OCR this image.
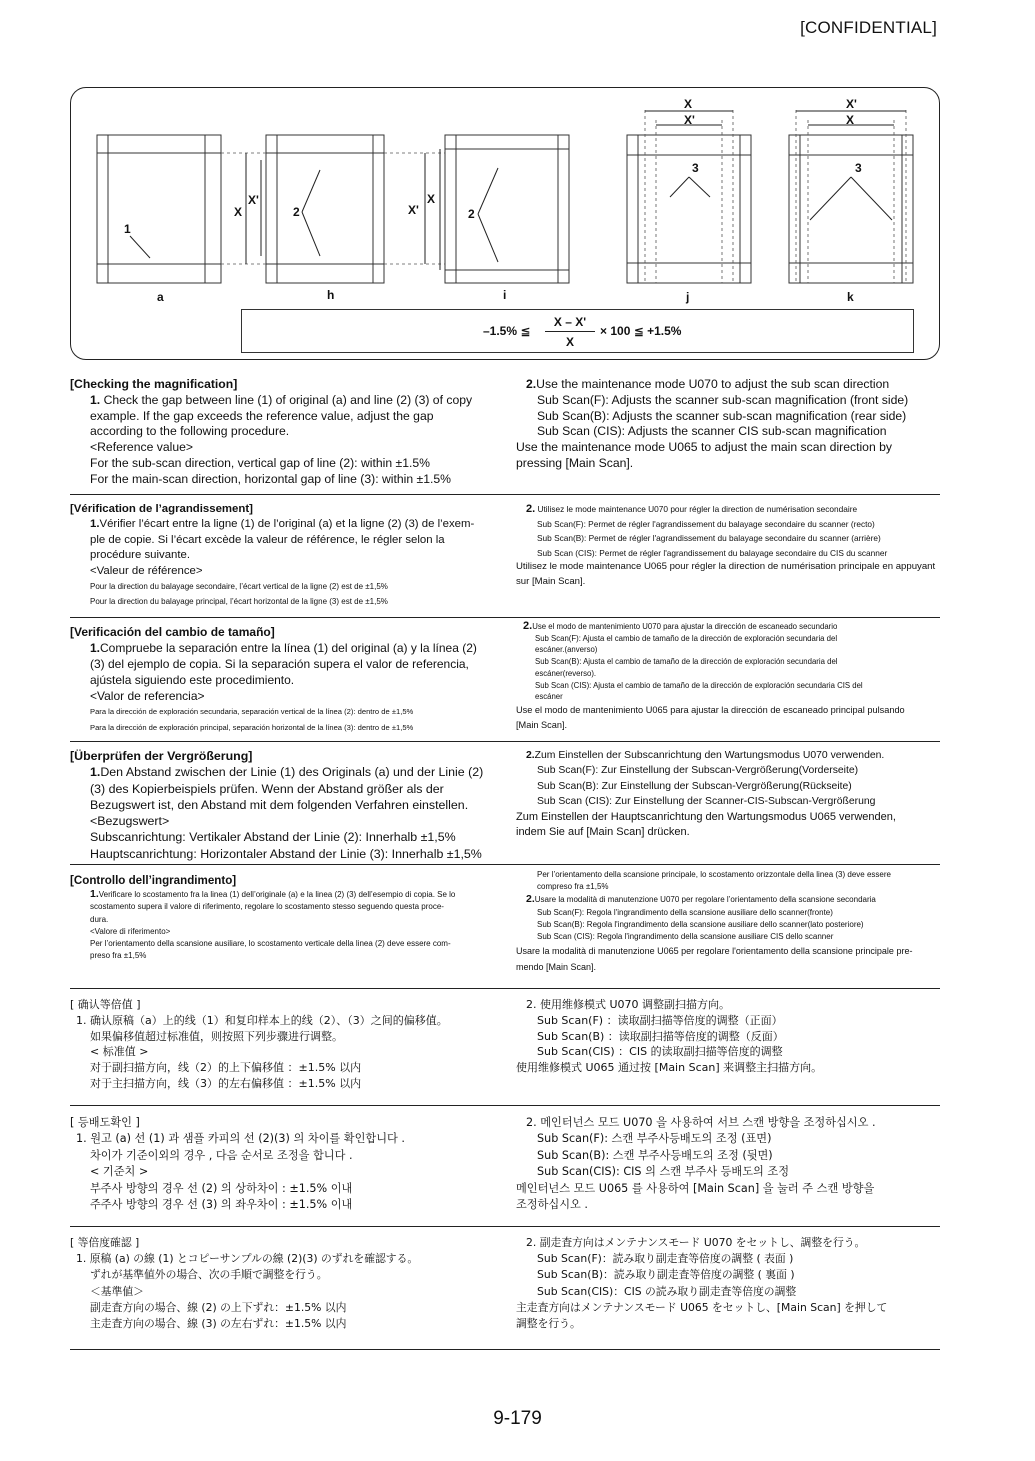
[CONFIDENTIAL]
a	h	i	j	k
1
2	2
3	3
X
X'
X'
X
X
X'
X'
X
–1.5% ≦
X – X'
X
× 100 ≦ +1.5%
[Checking the magnification]
1. Check the gap between line (1) of original (a) and line (2) (3) of copy
example. If the gap exceeds the reference value, adjust the gap
according to the following procedure.
<Reference value>
For the sub-scan direction, vertical gap of line (2): within ±1.5%
For the main-scan direction, horizontal gap of line (3): within ±1.5%
2.Use the maintenance mode U070 to adjust the sub scan direction
Sub Scan(F): Adjusts the scanner sub-scan magnification (front side)
Sub Scan(B): Adjusts the scanner sub-scan magnification (rear side)
Sub Scan (CIS): Adjusts the scanner CIS sub-scan magnification
Use the maintenance mode U065 to adjust the main scan direction by
pressing [Main Scan].
[Vérification de l’agrandissement]
1.Vérifier l’écart entre la ligne (1) de l’original (a) et la ligne (2) (3) de l’exem-
ple de copie. Si l’écart excède la valeur de référence, le régler selon la
procédure suivante.
<Valeur de référence>
Pour la direction du balayage secondaire, l’écart vertical de la ligne (2) est de ±1,5%
Pour la direction du balayage principal, l’écart horizontal de la ligne (3) est de ±1,5%
2. Utilisez le mode maintenance U070 pour régler la direction de numérisation secondaire
Sub Scan(F): Permet de régler l'agrandissement du balayage secondaire du scanner (recto)
Sub Scan(B): Permet de régler l'agrandissement du balayage secondaire du scanner (arrière)
Sub Scan (CIS): Permet de régler l'agrandissement du balayage secondaire du CIS du scanner
Utilisez le mode maintenance U065 pour régler la direction de numérisation principale en appuyant
sur [Main Scan].
[Verificación del cambio de tamaño]
1.Compruebe la separación entre la línea (1) del original (a) y la línea (2)
(3) del ejemplo de copia. Si la separación supera el valor de referencia,
ajústela siguiendo este procedimiento.
<Valor de referencia>
Para la dirección de exploración secundaria, separación vertical de la línea (2): dentro de ±1,5%
Para la dirección de exploración principal, separación horizontal de la línea (3): dentro de ±1,5%
2.Use el modo de mantenimiento U070 para ajustar la dirección de escaneado secundario
Sub Scan(F): Ajusta el cambio de tamaño de la dirección de exploración secundaria del
escáner.(anverso)
Sub Scan(B): Ajusta el cambio de tamaño de la dirección de exploración secundaria del
escáner(reverso).
Sub Scan (CIS): Ajusta el cambio de tamaño de la dirección de exploración secundaria CIS del
escáner
Use el modo de mantenimiento U065 para ajustar la dirección de escaneado principal pulsando
[Main Scan].
[Überprüfen der Vergrößerung]
1.Den Abstand zwischen der Linie (1) des Originals (a) und der Linie (2)
(3) des Kopierbeispiels prüfen. Wenn der Abstand größer als der
Bezugswert ist, den Abstand mit dem folgenden Verfahren einstellen.
<Bezugswert>
Subscanrichtung: Vertikaler Abstand der Linie (2): Innerhalb ±1,5%
Hauptscanrichtung: Horizontaler Abstand der Linie (3): Innerhalb ±1,5%
2.Zum Einstellen der Subscanrichtung den Wartungsmodus U070 verwenden.
Sub Scan(F): Zur Einstellung der Subscan-Vergrößerung(Vorderseite)
Sub Scan(B): Zur Einstellung der Subscan-Vergrößerung(Rückseite)
Sub Scan (CIS): Zur Einstellung der Scanner-CIS-Subscan-Vergrößerung
Zum Einstellen der Hauptscanrichtung den Wartungsmodus U065 verwenden,
indem Sie auf [Main Scan] drücken.
[Controllo dell’ingrandimento]
1.Verificare lo scostamento fra la linea (1) dell’originale (a) e la linea (2) (3) dell’esempio di copia. Se lo
scostamento supera il valore di riferimento, regolare lo scostamento stesso seguendo questa proce-
dura.
<Valore di riferimento>
Per l’orientamento della scansione ausiliare, lo scostamento verticale della linea (2) deve essere com-
preso fra ±1,5%
Per l’orientamento della scansione principale, lo scostamento orizzontale della linea (3) deve essere
compreso fra ±1,5%
2.Usare la modalità di manutenzione U070 per regolare l’orientamento della scansione secondaria
Sub Scan(F): Regola l'ingrandimento della scansione ausiliare dello scanner(fronte)
Sub Scan(B): Regola l'ingrandimento della scansione ausiliare dello scanner(lato posteriore)
Sub Scan (CIS): Regola l'ingrandimento della scansione ausiliare CIS dello scanner
Usare la modalità di manutenzione U065 per regolare l'orientamento della scansione principale pre-
mendo [Main Scan].
[ 确认等倍值 ]
1. 确认原稿（a）上的线（1）和复印样本上的线（2）、（3）之间的偏移值。
如果偏移值超过标准值，则按照下列步骤进行调整。
< 标准值 >
对于副扫描方向，线（2）的上下偏移值 ：±1.5% 以内
对于主扫描方向，线（3）的左右偏移值 ：±1.5% 以内
2. 使用维修模式 U070 调整副扫描方向。
Sub Scan(F) ：读取副扫描等倍度的调整（正面）
Sub Scan(B) ：读取副扫描等倍度的调整（反面）
Sub Scan(CIS) ：CIS 的读取副扫描等倍度的调整
使用维修模式 U065 通过按 [Main Scan] 来调整主扫描方向。
[ 등배도확인 ]
1. 원고 (a) 선 (1) 과 샘플 카피의 선 (2)(3) 의 차이를 확인합니다 .
차이가 기준이외의 경우 , 다음 순서로 조정을 합니다 .
< 기준치 >
부주사 방향의 경우 선 (2) 의 상하차이 : ±1.5% 이내
주주사 방향의 경우 선 (3) 의 좌우차이 : ±1.5% 이내
2. 메인터넌스 모드 U070 을 사용하여 서브 스캔 방향을 조정하십시오 .
Sub Scan(F): 스캔 부주사등배도의 조정 (표면)
Sub Scan(B): 스캔 부주사등배도의 조정 (뒷면)
Sub Scan(CIS): CIS 의 스캔 부주사 등배도의 조정
메인터넌스 모드 U065 를 사용하여 [Main Scan] 을 눌러 주 스캔 방향을
조정하십시오 .
[ 等倍度確認 ]
1. 原稿 (a) の線 (1) とコピーサンプルの線 (2)(3) のずれを確認する。
ずれが基準値外の場合、次の手順で調整を行う。
＜基準値＞
副走査方向の場合、線 (2) の上下ずれ：±1.5% 以内
主走査方向の場合、線 (3) の左右ずれ：±1.5% 以内
2. 副走査方向はメンテナンスモード U070 をセットし、調整を行う。
Sub Scan(F)：読み取り副走査等倍度の調整 ( 表面 )
Sub Scan(B)：読み取り副走査等倍度の調整 ( 裏面 )
Sub Scan(CIS)：CIS の読み取り副走査等倍度の調整
主走査方向はメンテナンスモード U065 をセットし、[Main Scan] を押して
調整を行う。
9-179
